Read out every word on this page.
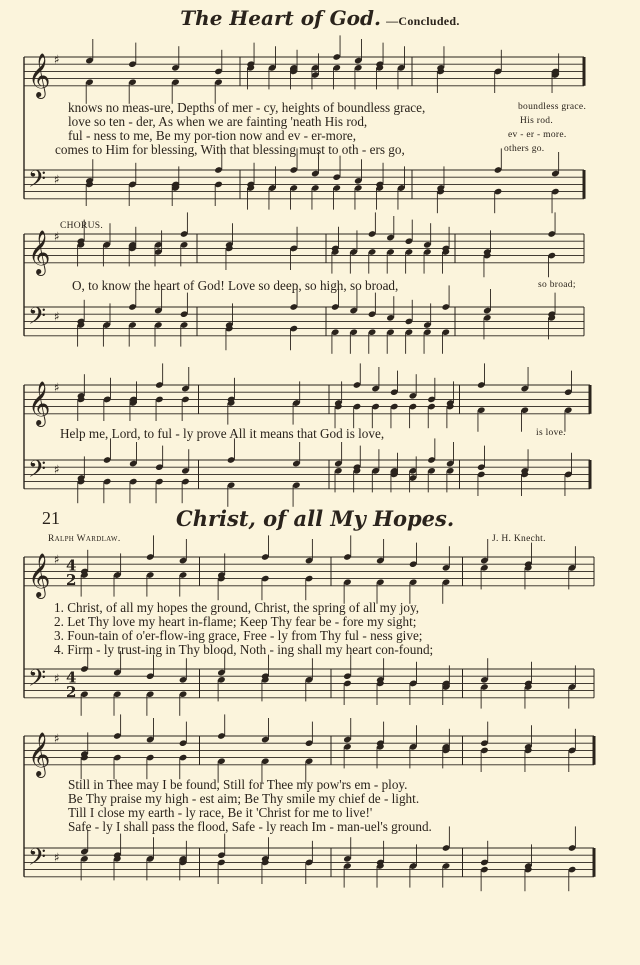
The Heart of God. —Concluded.
𝄞 ♯
𝄢 ♯
𝄞 ♯
𝄢 ♯
𝄞 ♯
𝄢 ♯
𝄞 ♯
𝄢 ♯
𝄞 ♯
𝄢 ♯
4
2
4
2
knows no meas-ure, Depths of mer - cy, heights of boundless grace,
love so ten - der, As when we are fainting 'neath His rod,
ful - ness to me, Be my por-tion now and ev - er-more,
comes to Him for blessing, With that blessing must to oth - ers go,
boundless grace.
His rod.
ev - er - more.
others go.
CHORUS.
O, to know the heart of God! Love so deep, so high, so broad,	so broad;
Help me, Lord, to ful - ly prove All it means that God is love,	is love.
21	Christ, of all My Hopes.
Ralph Wardlaw.	J. H. Knecht.
1. Christ, of all my hopes the ground, Christ, the spring of all my joy,
2. Let Thy love my heart in-flame; Keep Thy fear be - fore my sight;
3. Foun-tain of o'er-flow-ing grace, Free - ly from Thy ful - ness give;
4. Firm - ly trust-ing in Thy blood, Noth - ing shall my heart con-found;
Still in Thee may I be found, Still for Thee my pow'rs em - ploy.
Be Thy praise my high - est aim; Be Thy smile my chief de - light.
Till I close my earth - ly race, Be it 'Christ for me to live!'
Safe - ly I shall pass the flood, Safe - ly reach Im - man-uel's ground.
